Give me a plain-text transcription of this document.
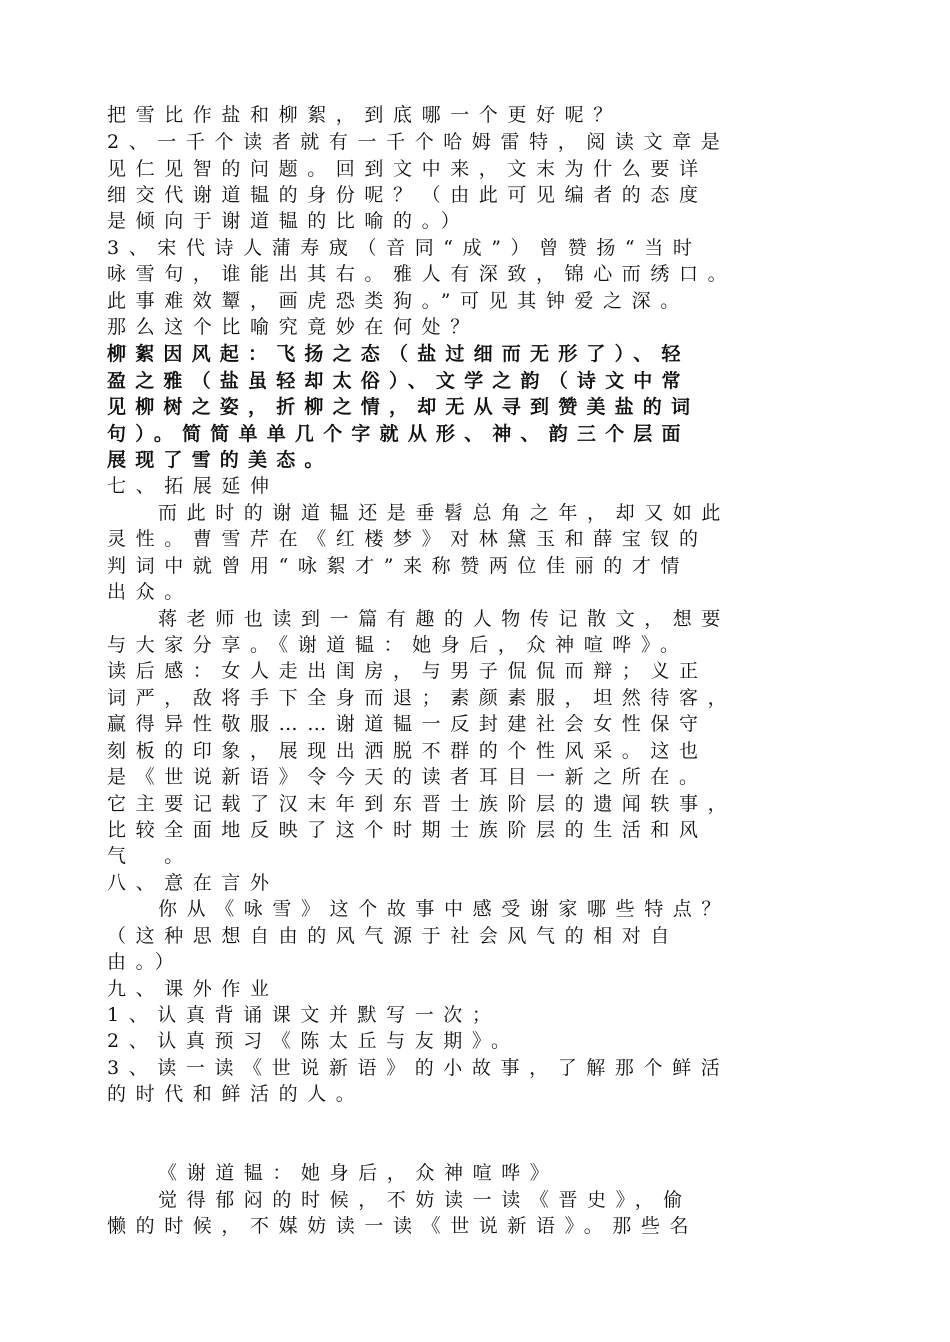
把雪比作盐和柳絮，到底哪一个更好呢？
2、一千个读者就有一千个哈姆雷特，阅读文章是
见仁见智的问题。回到文中来，文末为什么要详
细交代谢道韫的身份呢？（由此可见编者的态度
是倾向于谢道韫的比喻的。）
3、宋代诗人蒲寿宬（音同“成”）曾赞扬“当时
咏雪句，谁能出其右。雅人有深致，锦心而绣口。
此事难效颦，画虎恐类狗。”可见其钟爱之深。
那么这个比喻究竟妙在何处？
柳絮因风起：飞扬之态（盐过细而无形了）、轻
盈之雅（盐虽轻却太俗）、文学之韵（诗文中常
见柳树之姿，折柳之情，却无从寻到赞美盐的词
句）。简简单单几个字就从形、神、韵三个层面
展现了雪的美态。
七、拓展延伸
而此时的谢道韫还是垂髫总角之年，却又如此
灵性。曹雪芹在《红楼梦》对林黛玉和薛宝钗的
判词中就曾用“咏絮才”来称赞两位佳丽的才情
出众。
蒋老师也读到一篇有趣的人物传记散文，想要
与大家分享。《谢道韫：她身后，众神喧哗》。
读后感：女人走出闺房，与男子侃侃而辩；义正
词严，敌将手下全身而退；素颜素服，坦然待客，
赢得异性敬服……谢道韫一反封建社会女性保守
刻板的印象，展现出洒脱不群的个性风采。这也
是《世说新语》令今天的读者耳目一新之所在。
它主要记载了汉末年到东晋士族阶层的遗闻轶事，
比较全面地反映了这个时期士族阶层的生活和风
气　。
八、意在言外
你从《咏雪》这个故事中感受谢家哪些特点？
（这种思想自由的风气源于社会风气的相对自
由。）
九、课外作业
1、认真背诵课文并默写一次；
2、认真预习《陈太丘与友期》。
3、读一读《世说新语》的小故事，了解那个鲜活
的时代和鲜活的人。
《谢道韫：她身后，众神喧哗》
觉得郁闷的时候，不妨读一读《晋史》，偷
懒的时候，不媒妨读一读《世说新语》。那些名
